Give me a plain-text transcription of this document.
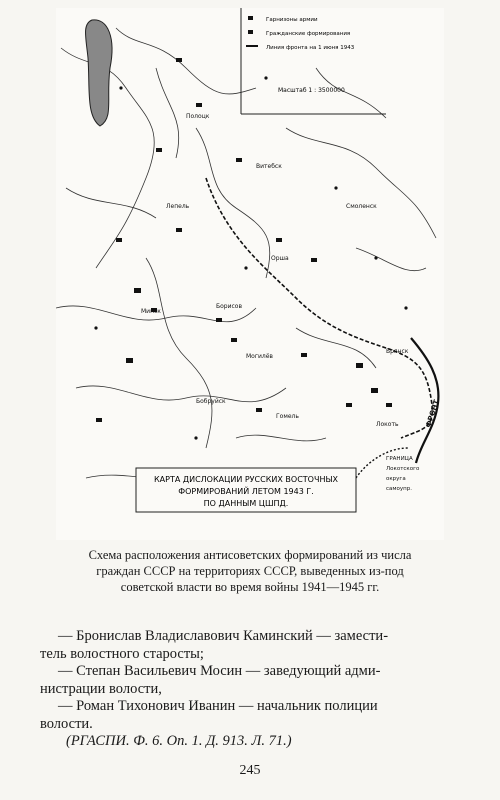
Гарнизоны армии
Гражданские формирования
Линия фронта на 1 июня 1943
Масштаб 1 : 3500000
Минск
Борисов
Орша
Витебск
Смоленск
Могилёв
Бобруйск
Гомель
Брянск
Локоть
Полоцк
Лепель
ФРОНТ
ГРАНИЦА
Локотского
округа
самоупр.
КАРТА ДИСЛОКАЦИИ РУССКИХ ВОСТОЧНЫХ
ФОРМИРОВАНИЙ ЛЕТОМ 1943 Г.
ПО ДАННЫМ ЦШПД.
Схема расположения антисоветских формирований из числа
граждан СССР на территориях СССР, выведенных из-под
советской власти во время войны 1941—1945 гг.

— Бронислав Владиславович Каминский — замести-

тель волостного старосты;

— Степан Васильевич Мосин — заведующий адми-

нистрации волости,

— Роман Тихонович Иванин — начальник полиции

волости.

(РГАСПИ. Ф. 6. Оп. 1. Д. 913. Л. 71.)

245
